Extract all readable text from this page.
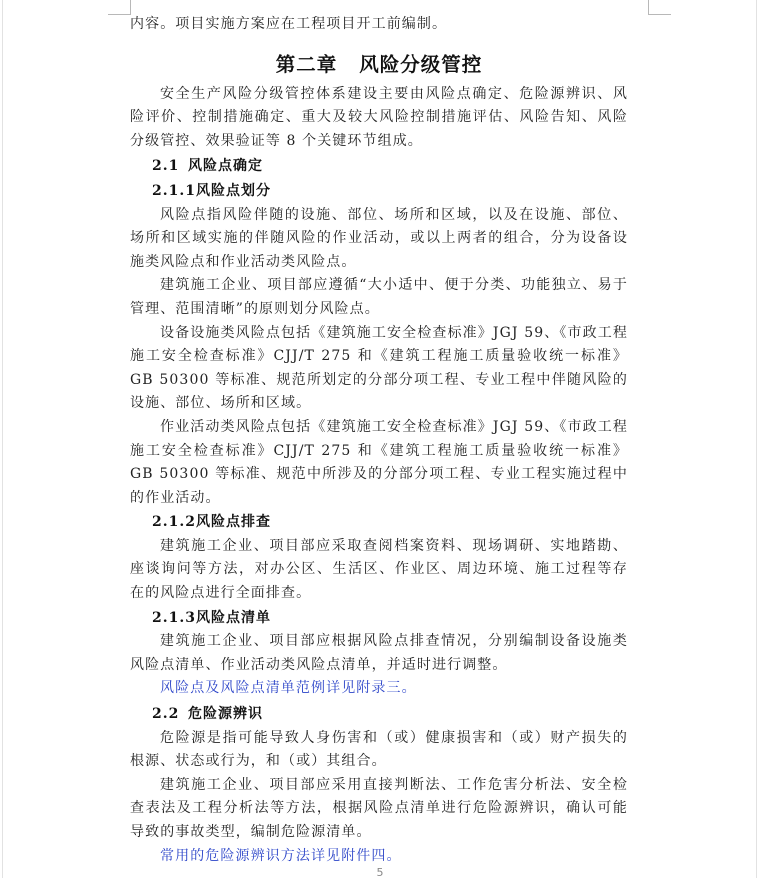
内容。项目实施方案应在工程项目开工前编制。

第二章 风险分级管控

安全生产风险分级管控体系建设主要由风险点确定、危险源辨识、风险评价、控制措施确定、重大及较大风险控制措施评估、风险告知、风险分级管控、效果验证等 8 个关键环节组成。

2.1 风险点确定
2.1.1风险点划分

风险点指风险伴随的设施、部位、场所和区域，以及在设施、部位、场所和区域实施的伴随风险的作业活动，或以上两者的组合，分为设备设施类风险点和作业活动类风险点。

建筑施工企业、项目部应遵循“大小适中、便于分类、功能独立、易于管理、范围清晰”的原则划分风险点。

设备设施类风险点包括《建筑施工安全检查标准》JGJ 59、《市政工程施工安全检查标准》CJJ/T 275 和《建筑工程施工质量验收统一标准》GB 50300 等标准、规范所划定的分部分项工程、专业工程中伴随风险的设施、部位、场所和区域。

作业活动类风险点包括《建筑施工安全检查标准》JGJ 59、《市政工程施工安全检查标准》CJJ/T 275 和《建筑工程施工质量验收统一标准》GB 50300 等标准、规范中所涉及的分部分项工程、专业工程实施过程中的作业活动。

2.1.2风险点排查

建筑施工企业、项目部应采取查阅档案资料、现场调研、实地踏勘、座谈询问等方法，对办公区、生活区、作业区、周边环境、施工过程等存在的风险点进行全面排查。

2.1.3风险点清单

建筑施工企业、项目部应根据风险点排查情况，分别编制设备设施类风险点清单、作业活动类风险点清单，并适时进行调整。

风险点及风险点清单范例详见附录三。

2.2 危险源辨识

危险源是指可能导致人身伤害和（或）健康损害和（或）财产损失的根源、状态或行为，和（或）其组合。

建筑施工企业、项目部应采用直接判断法、工作危害分析法、安全检查表法及工程分析法等方法，根据风险点清单进行危险源辨识，确认可能导致的事故类型，编制危险源清单。

常用的危险源辨识方法详见附件四。

5
